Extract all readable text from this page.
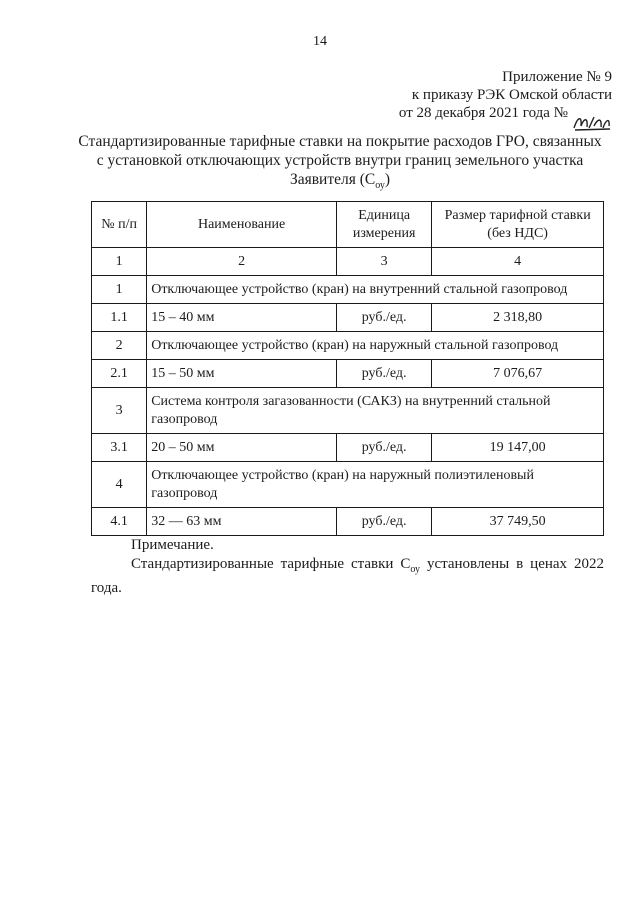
14
Приложение № 9
к приказу РЭК Омской области
от 28 декабря 2021 года №
Стандартизированные тарифные ставки на покрытие расходов ГРО, связанных
с установкой отключающих устройств внутри границ земельного участка
Заявителя $(С_{оу})$
№ п/п	Наименование	Единица измерения	Размер тарифной ставки (без НДС)
1	2	3	4
1	Отключающее устройство (кран) на внутренний стальной газопровод		
1.1	15 – 40 мм	руб./ед.	2 318,80
2	Отключающее устройство (кран) на наружный стальной газопровод		
2.1	15 – 50 мм	руб./ед.	7 076,67
3	Система контроля загазованности (САКЗ) на внутренний стальной газопровод		
3.1	20 – 50 мм	руб./ед.	19 147,00
4	Отключающее устройство (кран) на наружный полиэтиленовый газопровод		
4.1	32 — 63 мм	руб./ед.	37 749,50
Примечание.
Стандартизированные тарифные ставки $С_{оу}$ установлены в ценах 2022 года.
